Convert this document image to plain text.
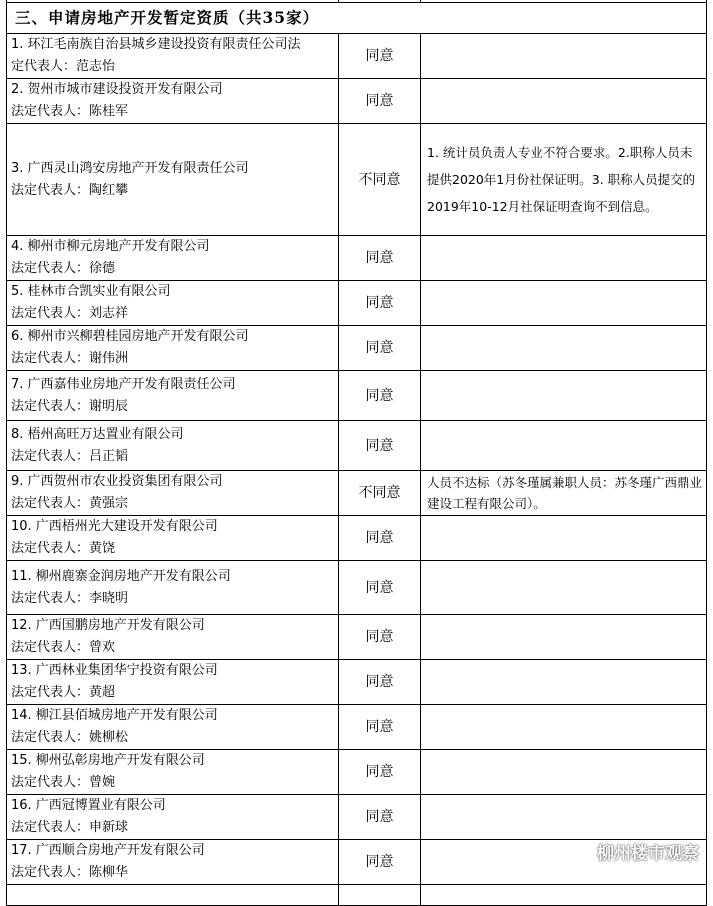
三、申请房地产开发暂定资质（共35家）		

1. 环江毛南族自治县城乡建设投资有限责任公司法
定代表人：范志怡	同意	

2. 贺州市城市建设投资开发有限公司
法定代表人：陈桂军	同意	

3. 广西灵山鸿安房地产开发有限责任公司
法定代表人：陶红攀	不同意	1. 统计员负责人专业不符合要求。2.职称人员未提供2020年1月份社保证明。3. 职称人员提交的2019年10-12月社保证明查询不到信息。

4. 柳州市柳元房地产开发有限公司
法定代表人：徐德	同意	

5. 桂林市合凯实业有限公司
法定代表人：刘志祥	同意	

6. 柳州市兴柳碧桂园房地产开发有限公司
法定代表人：谢伟洲	同意	

7. 广西嘉伟业房地产开发有限责任公司
法定代表人：谢明辰	同意	

8. 梧州高旺万达置业有限公司
法定代表人：吕正韬	同意	

9. 广西贺州市农业投资集团有限公司
法定代表人：黄强宗	不同意	人员不达标（苏冬瑾属兼职人员：苏冬瑾广西鼎业建设工程有限公司）。

10. 广西梧州光大建设开发有限公司
法定代表人：黄饶	同意	

11. 柳州鹿寨金润房地产开发有限公司
法定代表人：李晓明	同意	

12. 广西国鹏房地产开发有限公司
法定代表人：曾欢	同意	

13. 广西林业集团华宁投资有限公司
法定代表人：黄超	同意	

14. 柳江县佰城房地产开发有限公司
法定代表人：姚柳松	同意	

15. 柳州弘彰房地产开发有限公司
法定代表人：曾婉	同意	

16. 广西冠博置业有限公司
法定代表人：申新球	同意	

17. 广西顺合房地产开发有限公司
法定代表人：陈柳华	同意	
			柳州楼市观察
